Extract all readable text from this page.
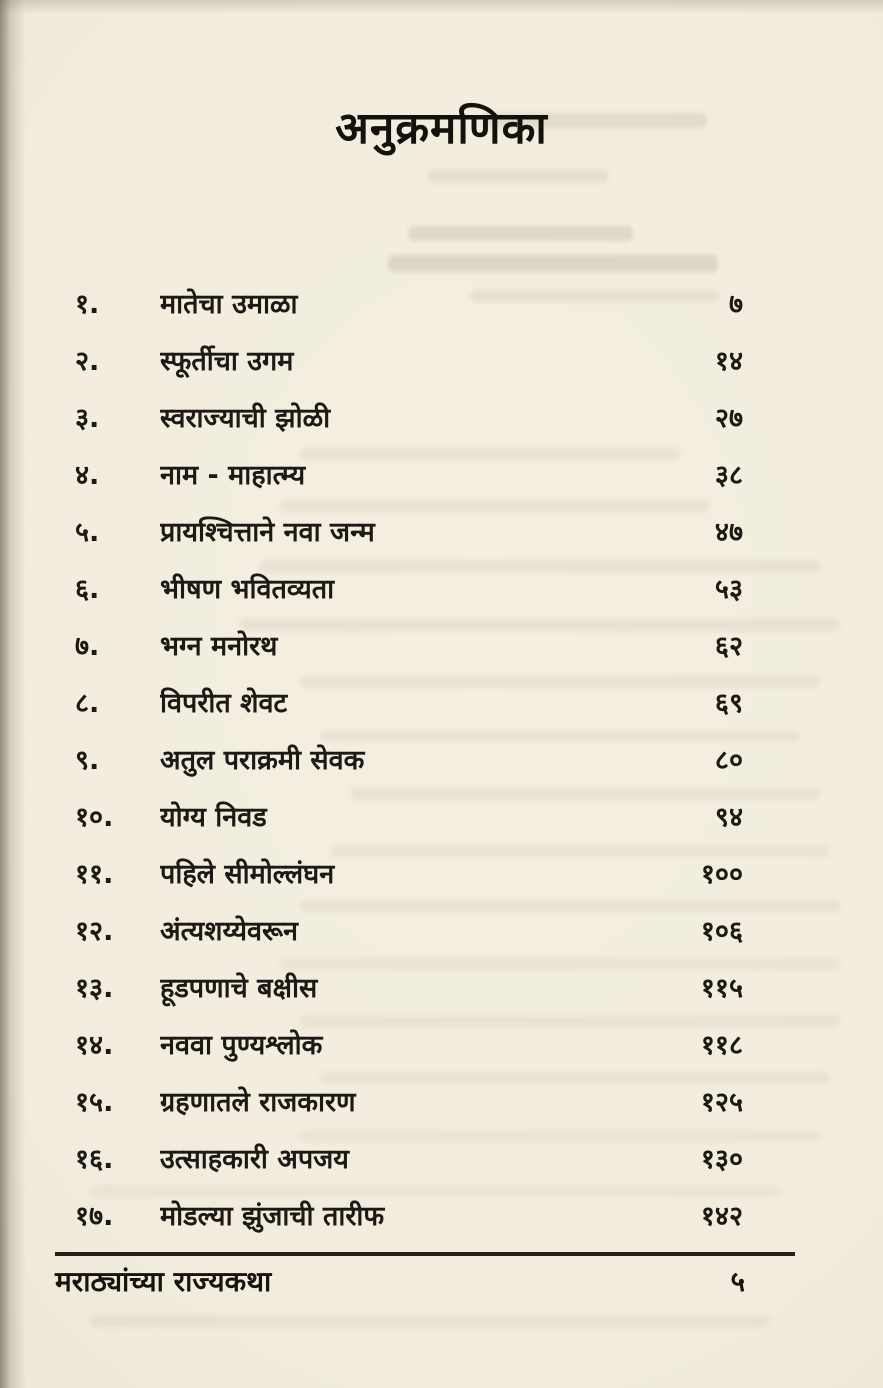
अनुक्रमणिका
१.	मातेचा उमाळा	७
२.	स्फूर्तीचा उगम	१४
३.	स्वराज्याची झोळी	२७
४.	नाम - माहात्म्य	३८
५.	प्रायश्चित्ताने नवा जन्म	४७
६.	भीषण भवितव्यता	५३
७.	भग्न मनोरथ	६२
८.	विपरीत शेवट	६९
९.	अतुल पराक्रमी सेवक	८०
१०.	योग्य निवड	९४
११.	पहिले सीमोल्लंघन	१००
१२.	अंत्यशय्येवरून	१०६
१३.	हूडपणाचे बक्षीस	११५
१४.	नववा पुण्यश्लोक	११८
१५.	ग्रहणातले राजकारण	१२५
१६.	उत्साहकारी अपजय	१३०
१७.	मोडल्या झुंजाची तारीफ	१४२
मराठ्यांच्या राज्यकथा	५
